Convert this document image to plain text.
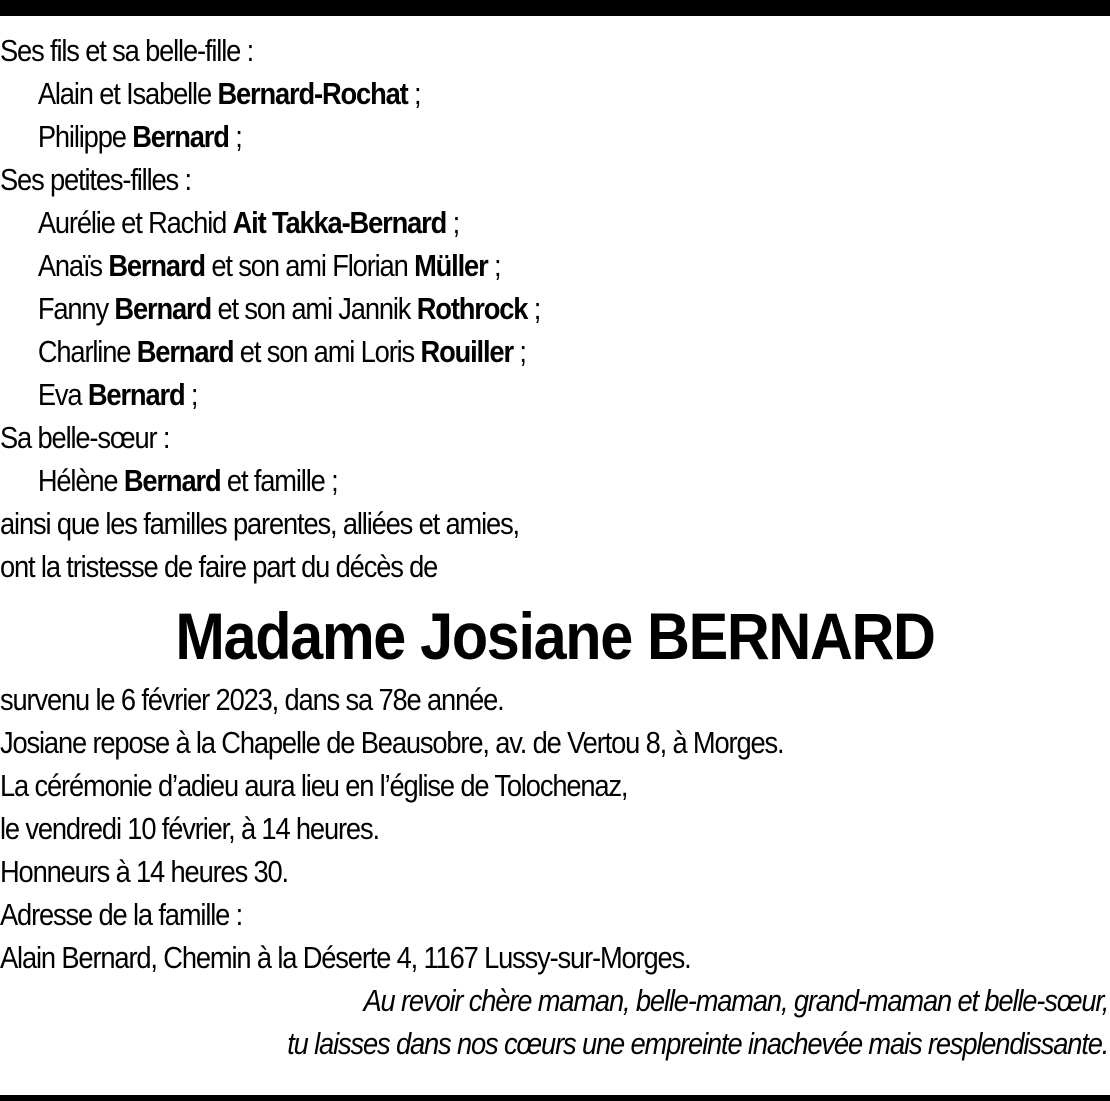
Ses fils et sa belle-fille :
Alain et Isabelle Bernard-Rochat ;
Philippe Bernard ;
Ses petites-filles :
Aurélie et Rachid Ait Takka-Bernard ;
Anaïs Bernard et son ami Florian Müller ;
Fanny Bernard et son ami Jannik Rothrock ;
Charline Bernard et son ami Loris Rouiller ;
Eva Bernard ;
Sa belle-sœur :
Hélène Bernard et famille ;
ainsi que les familles parentes, alliées et amies,
ont la tristesse de faire part du décès de
Madame Josiane BERNARD
survenu le 6 février 2023, dans sa 78e année.
Josiane repose à la Chapelle de Beausobre, av. de Vertou 8, à Morges.
La cérémonie d’adieu aura lieu en l’église de Tolochenaz,
le vendredi 10 février, à 14 heures.
Honneurs à 14 heures 30.
Adresse de la famille :
Alain Bernard, Chemin à la Déserte 4, 1167 Lussy-sur-Morges.
Au revoir chère maman, belle-maman, grand-maman et belle-sœur,
tu laisses dans nos cœurs une empreinte inachevée mais resplendissante.
